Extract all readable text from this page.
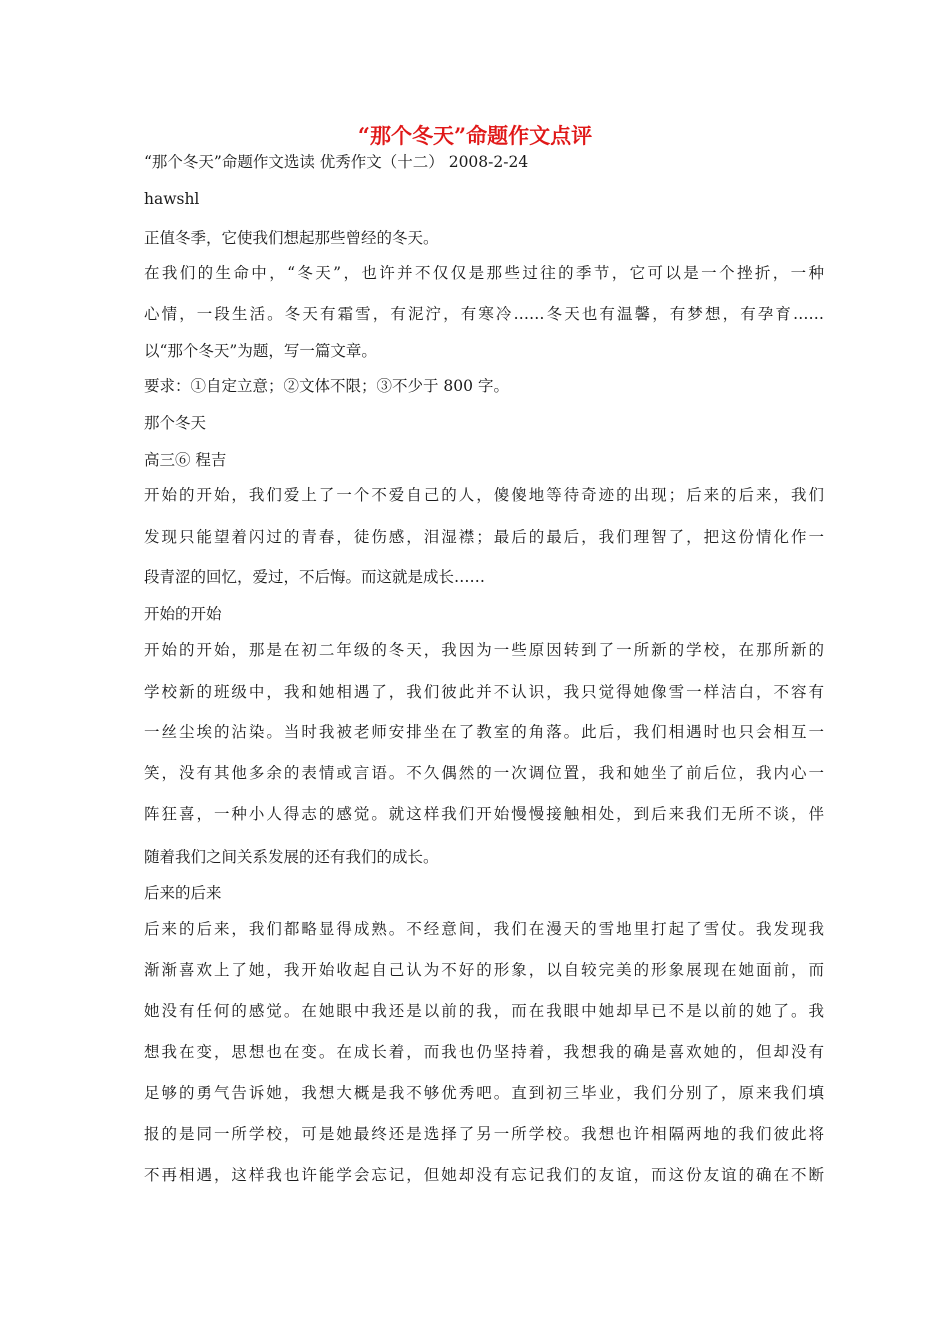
“那个冬天”命题作文点评
“那个冬天”命题作文选读 优秀作文（十二） 2008-2-24
hawshl
正值冬季，它使我们想起那些曾经的冬天。
在我们的生命中，“冬天”，也许并不仅仅是那些过往的季节，它可以是一个挫折，一种
心情，一段生活。冬天有霜雪，有泥泞，有寒冷……冬天也有温馨，有梦想，有孕育……
以“那个冬天”为题，写一篇文章。
要求：①自定立意；②文体不限；③不少于 800 字。
那个冬天
高三⑥ 程吉
开始的开始，我们爱上了一个不爱自己的人，傻傻地等待奇迹的出现；后来的后来，我们
发现只能望着闪过的青春，徒伤感，泪湿襟；最后的最后，我们理智了，把这份情化作一
段青涩的回忆，爱过，不后悔。而这就是成长……
开始的开始
开始的开始，那是在初二年级的冬天，我因为一些原因转到了一所新的学校，在那所新的
学校新的班级中，我和她相遇了，我们彼此并不认识，我只觉得她像雪一样洁白，不容有
一丝尘埃的沾染。当时我被老师安排坐在了教室的角落。此后，我们相遇时也只会相互一
笑，没有其他多余的表情或言语。不久偶然的一次调位置，我和她坐了前后位，我内心一
阵狂喜，一种小人得志的感觉。就这样我们开始慢慢接触相处，到后来我们无所不谈，伴
随着我们之间关系发展的还有我们的成长。
后来的后来
后来的后来，我们都略显得成熟。不经意间，我们在漫天的雪地里打起了雪仗。我发现我
渐渐喜欢上了她，我开始收起自己认为不好的形象，以自较完美的形象展现在她面前，而
她没有任何的感觉。在她眼中我还是以前的我，而在我眼中她却早已不是以前的她了。我
想我在变，思想也在变。在成长着，而我也仍坚持着，我想我的确是喜欢她的，但却没有
足够的勇气告诉她，我想大概是我不够优秀吧。直到初三毕业，我们分别了，原来我们填
报的是同一所学校，可是她最终还是选择了另一所学校。我想也许相隔两地的我们彼此将
不再相遇，这样我也许能学会忘记，但她却没有忘记我们的友谊，而这份友谊的确在不断
